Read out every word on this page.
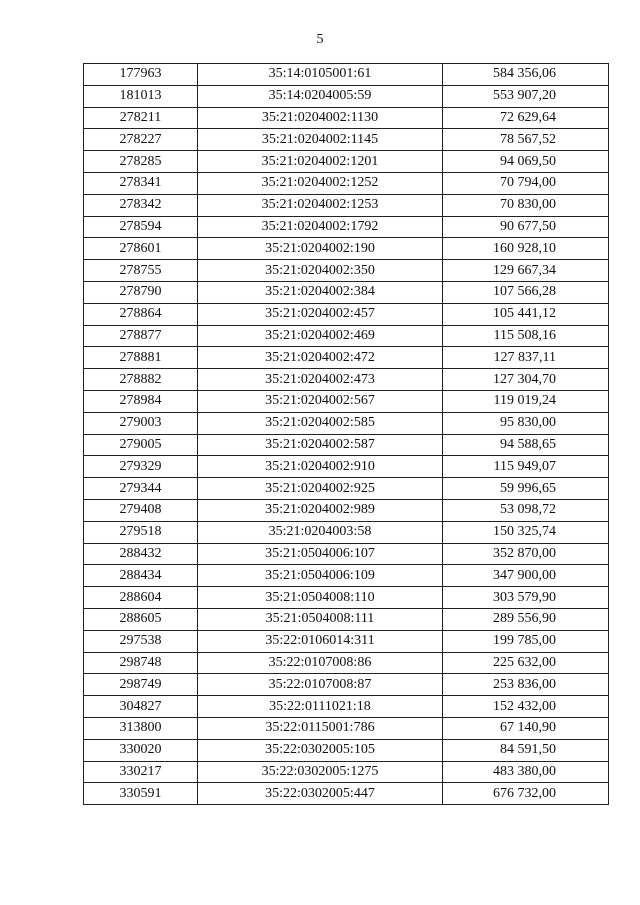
5
177963	35:14:0105001:61	584 356,06
181013	35:14:0204005:59	553 907,20
278211	35:21:0204002:1130	72 629,64
278227	35:21:0204002:1145	78 567,52
278285	35:21:0204002:1201	94 069,50
278341	35:21:0204002:1252	70 794,00
278342	35:21:0204002:1253	70 830,00
278594	35:21:0204002:1792	90 677,50
278601	35:21:0204002:190	160 928,10
278755	35:21:0204002:350	129 667,34
278790	35:21:0204002:384	107 566,28
278864	35:21:0204002:457	105 441,12
278877	35:21:0204002:469	115 508,16
278881	35:21:0204002:472	127 837,11
278882	35:21:0204002:473	127 304,70
278984	35:21:0204002:567	119 019,24
279003	35:21:0204002:585	95 830,00
279005	35:21:0204002:587	94 588,65
279329	35:21:0204002:910	115 949,07
279344	35:21:0204002:925	59 996,65
279408	35:21:0204002:989	53 098,72
279518	35:21:0204003:58	150 325,74
288432	35:21:0504006:107	352 870,00
288434	35:21:0504006:109	347 900,00
288604	35:21:0504008:110	303 579,90
288605	35:21:0504008:111	289 556,90
297538	35:22:0106014:311	199 785,00
298748	35:22:0107008:86	225 632,00
298749	35:22:0107008:87	253 836,00
304827	35:22:0111021:18	152 432,00
313800	35:22:0115001:786	67 140,90
330020	35:22:0302005:105	84 591,50
330217	35:22:0302005:1275	483 380,00
330591	35:22:0302005:447	676 732,00
